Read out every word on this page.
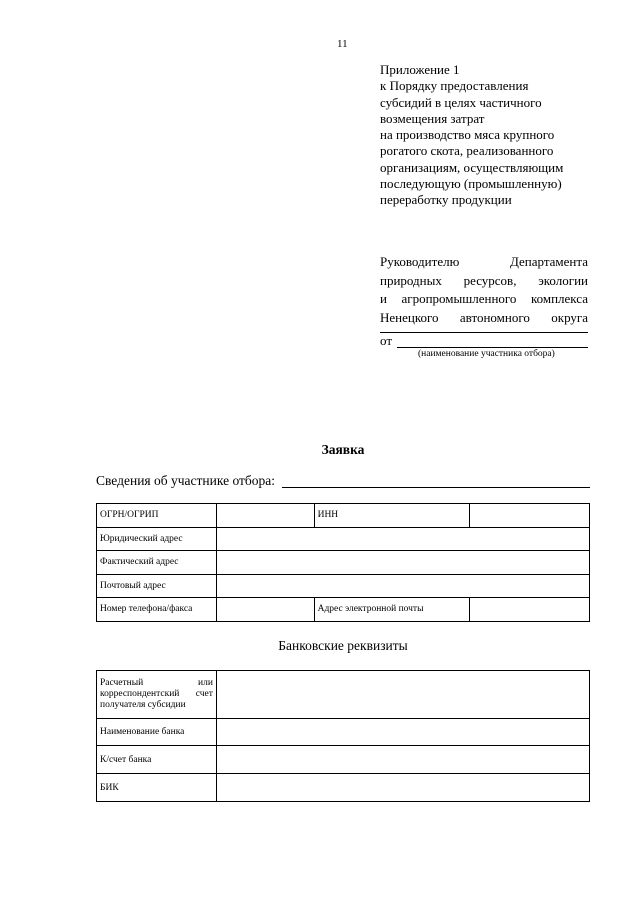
11
Приложение 1
к Порядку предоставления
субсидий в целях частичного
возмещения затрат
на производство мяса крупного
рогатого скота, реализованного
организациям, осуществляющим
последующую (промышленную)
переработку продукции
Руководителю Департамента
природных ресурсов, экологии
и агропромышленного комплекса
Ненецкого автономного округа
от
(наименование участника отбора)
Заявка
Сведения об участнике отбора:
ОГРН/ОГРИП		ИНН	
Юридический адрес			
Фактический адрес			
Почтовый адрес			
Номер телефона/факса		Адрес электронной почты	
Банковские реквизиты
Расчетный или корреспондентский счет получателя субсидии	
Наименование банка	
К/счет банка	
БИК	
